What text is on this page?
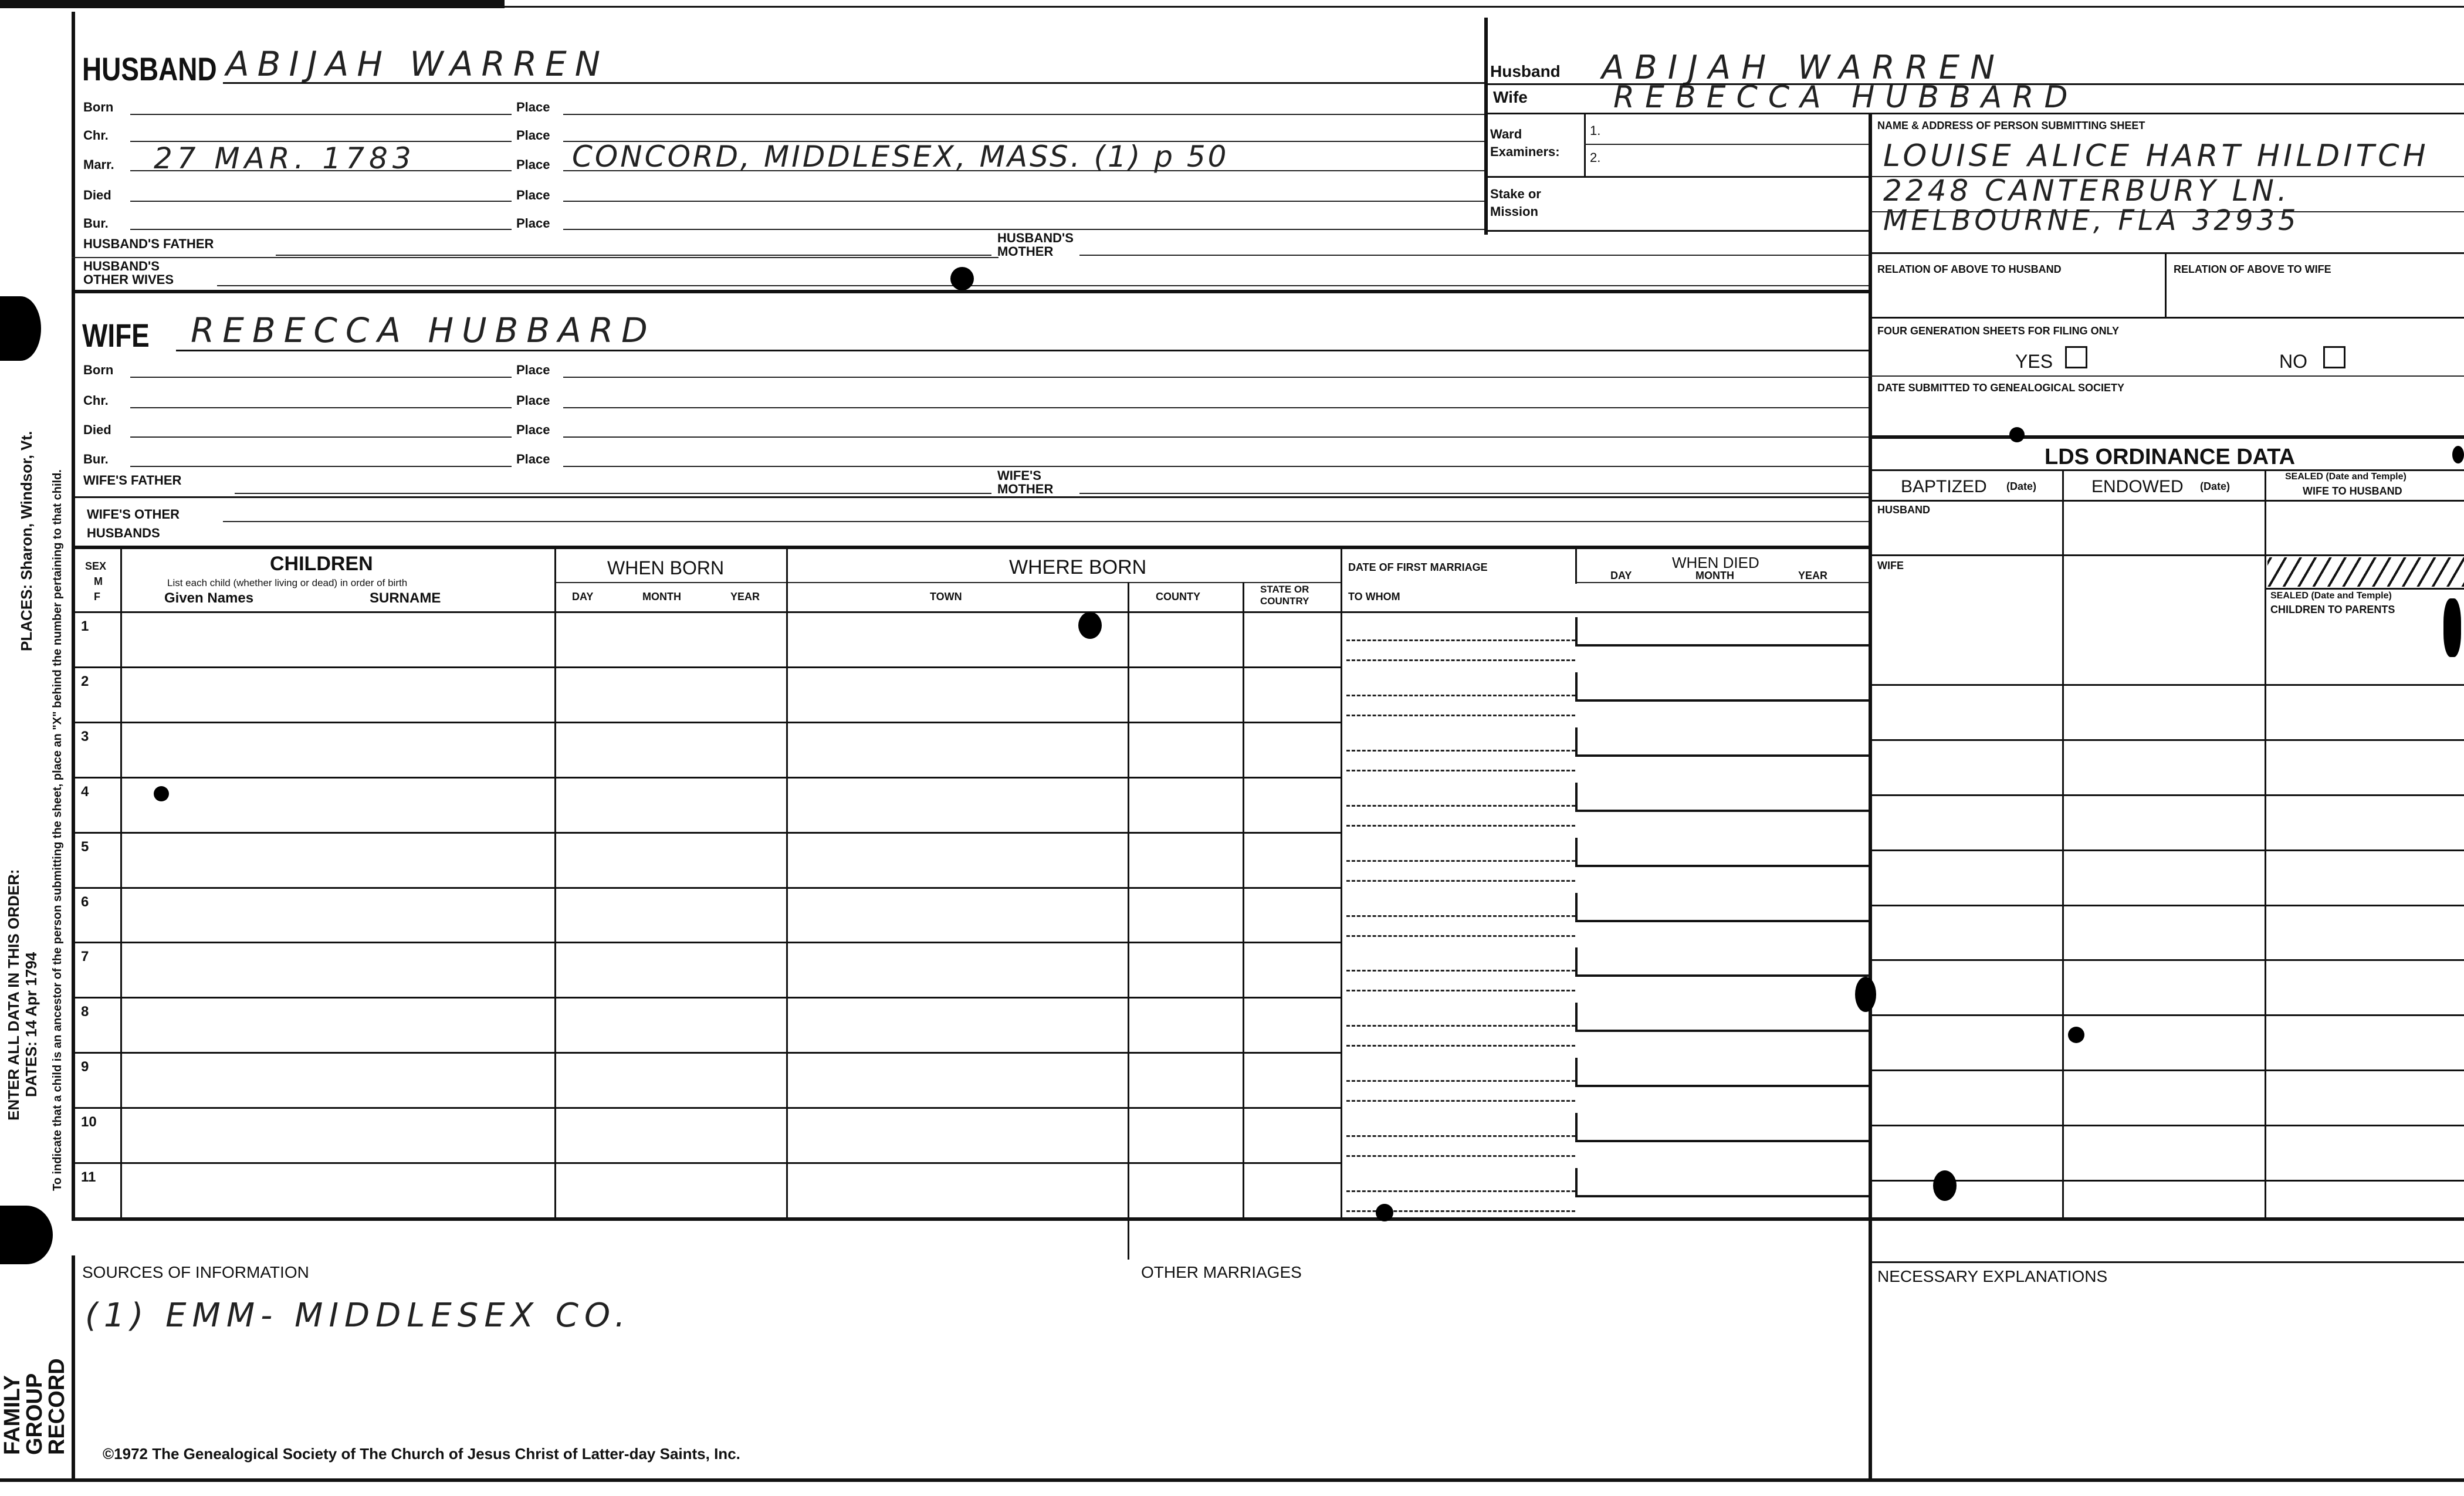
HUSBAND ABIJAH WARREN
Born	Place
Chr.	Place
Marr. 27 MAR. 1783	Place CONCORD, MIDDLESEX, MASS. (1) p 50
Died	Place
Bur.	Place
HUSBAND'S FATHER	HUSBAND'S
MOTHER
HUSBAND'S
OTHER WIVES
WIFE REBECCA HUBBARD
Born	Place
Chr.	Place
Died	Place
Bur.	Place
WIFE'S FATHER	WIFE'S
MOTHER
WIFE'S OTHER
HUSBANDS
Husband ABIJAH WARREN
Wife	REBECCA HUBBARD
Ward
Examiners:
1.
2.
Stake or
Mission
NAME & ADDRESS OF PERSON SUBMITTING SHEET
LOUISE ALICE HART HILDITCH
2248 CANTERBURY LN.
MELBOURNE, FLA 32935
RELATION OF ABOVE TO HUSBAND	RELATION OF ABOVE TO WIFE
FOUR GENERATION SHEETS FOR FILING ONLY
YES	NO
DATE SUBMITTED TO GENEALOGICAL SOCIETY
LDS ORDINANCE DATA
BAPTIZED (Date)	ENDOWED (Date)
SEALED (Date and Temple)
WIFE TO HUSBAND
HUSBAND
WIFE
SEALED (Date and Temple)
CHILDREN TO PARENTS
SEX
M
F
CHILDREN
List each child (whether living or dead) in order of birth
Given Names	SURNAME
WHEN BORN
DAY	MONTH	YEAR
WHERE BORN
TOWN	COUNTY
STATE OR
COUNTRY
DATE OF FIRST MARRIAGE
TO WHOM
WHEN DIED
DAY	MONTH	YEAR
1
2
3
4
5
6
7
8
9
10
11
SOURCES OF INFORMATION
(1) EMM- MIDDLESEX CO.
OTHER MARRIAGES	NECESSARY EXPLANATIONS
©1972 The Genealogical Society of The Church of Jesus Christ of Latter-day Saints, Inc.
PLACES: Sharon, Windsor, Vt. To indicate that a child is an ancestor of the person submitting the sheet, place an "X" behind the number pertaining to that child.
ENTER ALL DATA IN THIS ORDER: DATES: 14 Apr 1794
FAMILY
GROUP
RECORD
